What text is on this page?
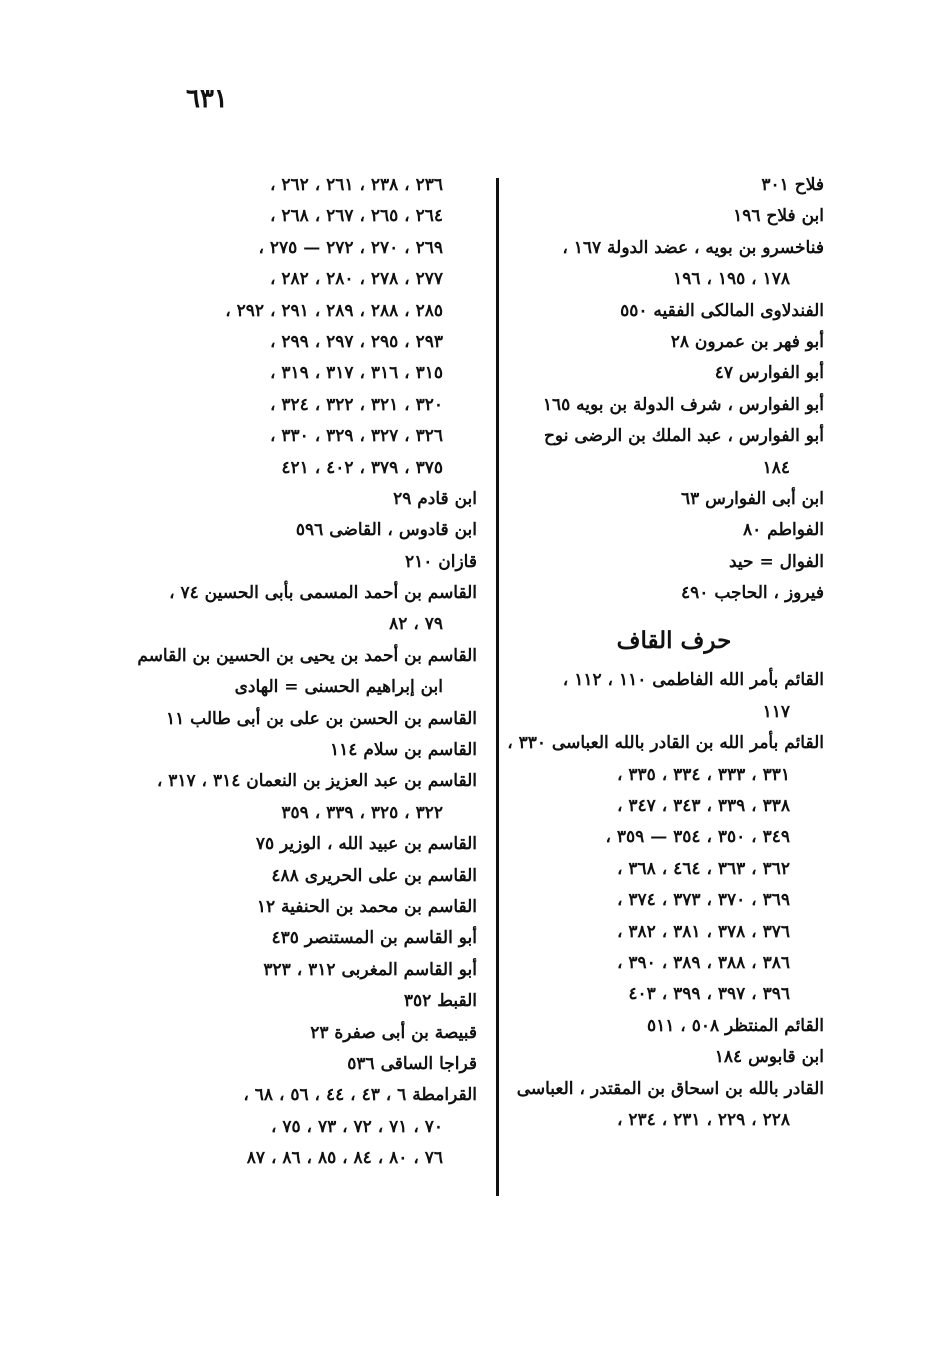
٦٣١
فلاح ٣٠١
ابن فلاح ١٩٦
فناخسرو بن بويه ، عضد الدولة ١٦٧ ،
١٧٨ ، ١٩٥ ، ١٩٦
الفندلاوى المالكى الفقيه ٥٥٠
أبو فهر بن عمرون ٢٨
أبو الفوارس ٤٧
أبو الفوارس ، شرف الدولة بن بويه ١٦٥
أبو الفوارس ، عبد الملك بن الرضى نوح
١٨٤
ابن أبى الفوارس ٦٣
الفواطم ٨٠
الفوال = حيد
فيروز ، الحاجب ٤٩٠
حرف القاف
القائم بأمر الله الفاطمى ١١٠ ، ١١٢ ،
١١٧
القائم بأمر الله بن القادر بالله العباسى ٣٣٠ ،
٣٣١ ، ٣٣٣ ، ٣٣٤ ، ٣٣٥ ،
٣٣٨ ، ٣٣٩ ، ٣٤٣ ، ٣٤٧ ،
٣٤٩ ، ٣٥٠ ، ٣٥٤ — ٣٥٩ ،
٣٦٢ ، ٣٦٣ ، ٤٦٤ ، ٣٦٨ ،
٣٦٩ ، ٣٧٠ ، ٣٧٣ ، ٣٧٤ ،
٣٧٦ ، ٣٧٨ ، ٣٨١ ، ٣٨٢ ،
٣٨٦ ، ٣٨٨ ، ٣٨٩ ، ٣٩٠ ،
٣٩٦ ، ٣٩٧ ، ٣٩٩ ، ٤٠٣
القائم المنتظر ٥٠٨ ، ٥١١
ابن قابوس ١٨٤
القادر بالله بن اسحاق بن المقتدر ، العباسى
٢٢٨ ، ٢٢٩ ، ٢٣١ ، ٢٣٤ ،
٢٣٦ ، ٢٣٨ ، ٢٦١ ، ٢٦٢ ،
٢٦٤ ، ٢٦٥ ، ٢٦٧ ، ٢٦٨ ،
٢٦٩ ، ٢٧٠ ، ٢٧٢ — ٢٧٥ ،
٢٧٧ ، ٢٧٨ ، ٢٨٠ ، ٢٨٢ ،
٢٨٥ ، ٢٨٨ ، ٢٨٩ ، ٢٩١ ، ٢٩٢ ،
٢٩٣ ، ٢٩٥ ، ٢٩٧ ، ٢٩٩ ،
٣١٥ ، ٣١٦ ، ٣١٧ ، ٣١٩ ،
٣٢٠ ، ٣٢١ ، ٣٢٢ ، ٣٢٤ ،
٣٢٦ ، ٣٢٧ ، ٣٢٩ ، ٣٣٠ ،
٣٧٥ ، ٣٧٩ ، ٤٠٢ ، ٤٢١
ابن قادم ٢٩
ابن قادوس ، القاضى ٥٩٦
قازان ٢١٠
القاسم بن أحمد المسمى بأبى الحسين ٧٤ ،
٧٩ ، ٨٢
القاسم بن أحمد بن يحيى بن الحسين بن القاسم
ابن إبراهيم الحسنى = الهادى
القاسم بن الحسن بن على بن أبى طالب ١١
القاسم بن سلام ١١٤
القاسم بن عبد العزيز بن النعمان ٣١٤ ، ٣١٧ ،
٣٢٢ ، ٣٢٥ ، ٣٣٩ ، ٣٥٩
القاسم بن عبيد الله ، الوزير ٧٥
القاسم بن على الحريرى ٤٨٨
القاسم بن محمد بن الحنفية ١٢
أبو القاسم بن المستنصر ٤٣٥
أبو القاسم المغربى ٣١٢ ، ٣٢٣
القبط ٣٥٢
قبيصة بن أبى صفرة ٢٣
قراجا الساقى ٥٣٦
القرامطة ٦ ، ٤٣ ، ٤٤ ، ٥٦ ، ٦٨ ،
٧٠ ، ٧١ ، ٧٢ ، ٧٣ ، ٧٥ ،
٧٦ ، ٨٠ ، ٨٤ ، ٨٥ ، ٨٦ ، ٨٧
